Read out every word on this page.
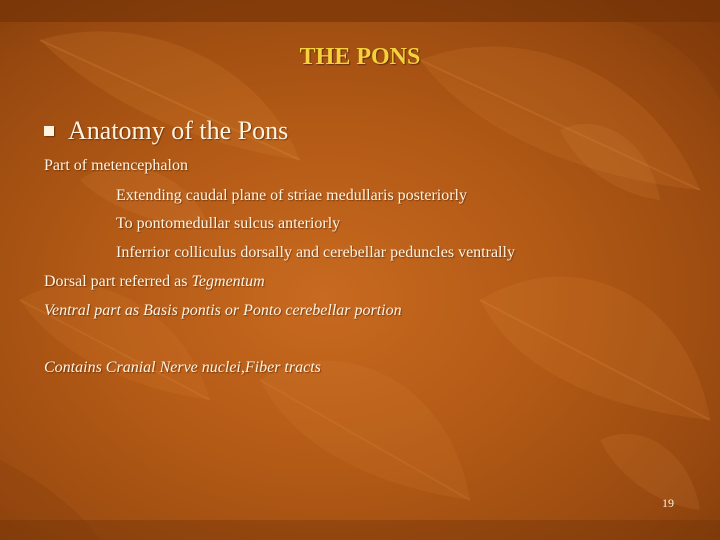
THE PONS
Anatomy of the Pons

Part of metencephalon

Extending caudal plane of striae medullaris posteriorly

To pontomedullar sulcus anteriorly

Inferrior colliculus dorsally and cerebellar peduncles ventrally

Dorsal part referred as Tegmentum

Ventral part as Basis pontis or Ponto cerebellar portion

Contains Cranial Nerve nuclei,Fiber tracts

19
